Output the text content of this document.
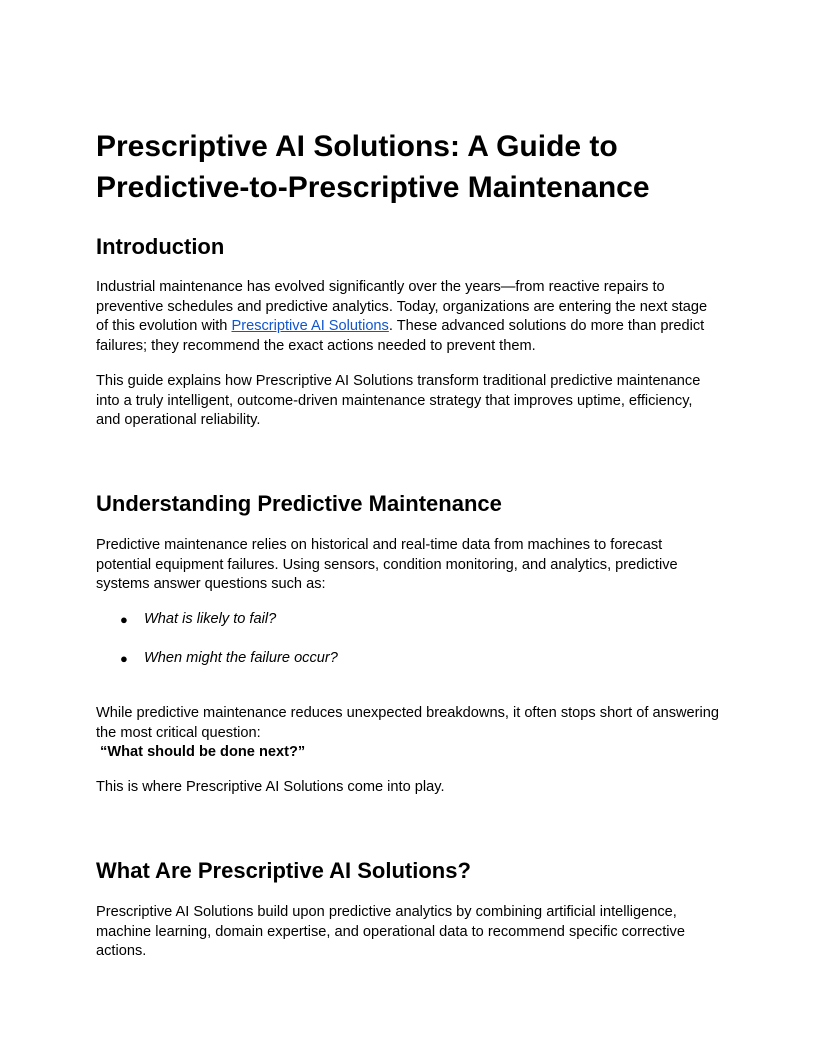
Prescriptive AI Solutions: A Guide to Predictive-to-Prescriptive Maintenance
Introduction

Industrial maintenance has evolved significantly over the years—from reactive repairs to preventive schedules and predictive analytics. Today, organizations are entering the next stage of this evolution with Prescriptive AI Solutions. These advanced solutions do more than predict failures; they recommend the exact actions needed to prevent them.

This guide explains how Prescriptive AI Solutions transform traditional predictive maintenance into a truly intelligent, outcome-driven maintenance strategy that improves uptime, efficiency, and operational reliability.

Understanding Predictive Maintenance

Predictive maintenance relies on historical and real-time data from machines to forecast potential equipment failures. Using sensors, condition monitoring, and analytics, predictive systems answer questions such as:

● What is likely to fail?
● When might the failure occur?

While predictive maintenance reduces unexpected breakdowns, it often stops short of answering the most critical question:
“What should be done next?”

This is where Prescriptive AI Solutions come into play.

What Are Prescriptive AI Solutions?

Prescriptive AI Solutions build upon predictive analytics by combining artificial intelligence, machine learning, domain expertise, and operational data to recommend specific corrective actions.
